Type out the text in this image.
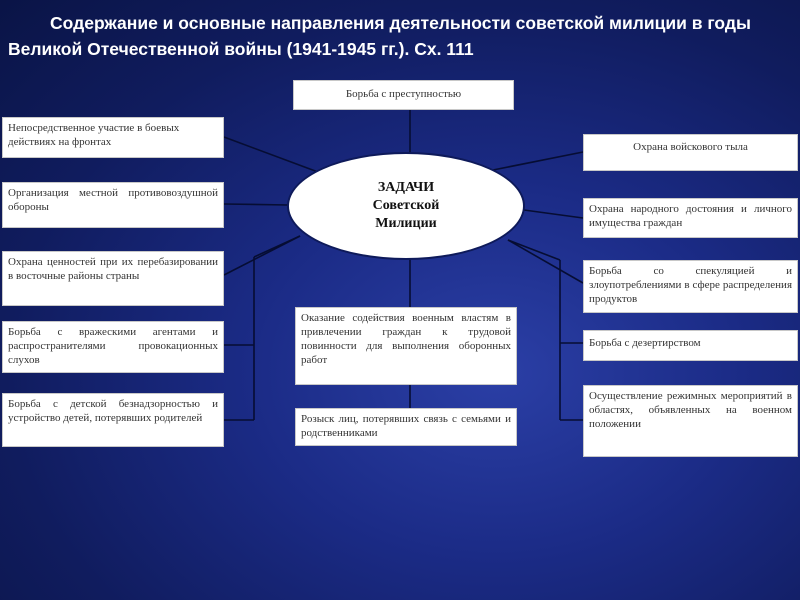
Содержание и основные направления деятельности советской милиции в годы Великой Отечественной войны (1941-1945 гг.). Сх. 111
Борьба с преступностью
ЗАДАЧИ Советской Милиции
Непосредственное участие в боевых действиях на фронтах
Организация местной противовоздушной обороны
Охрана ценностей при их перебазировании в восточные районы страны
Борьба с вражескими агентами и распространителями провокационных слухов
Борьба с детской безнадзорностью и устройство детей, потерявших родителей
Оказание содействия военным властям в привлечении граждан к трудовой повинности для выполнения оборонных работ
Розыск лиц, потерявших связь с семьями и родственниками
Охрана войскового тыла
Охрана народного достояния и личного имущества граждан
Борьба со спекуляцией и злоупотреблениями в сфере распределения продуктов
Борьба с дезертирством
Осуществление режимных мероприятий в областях, объявленных на военном положении
